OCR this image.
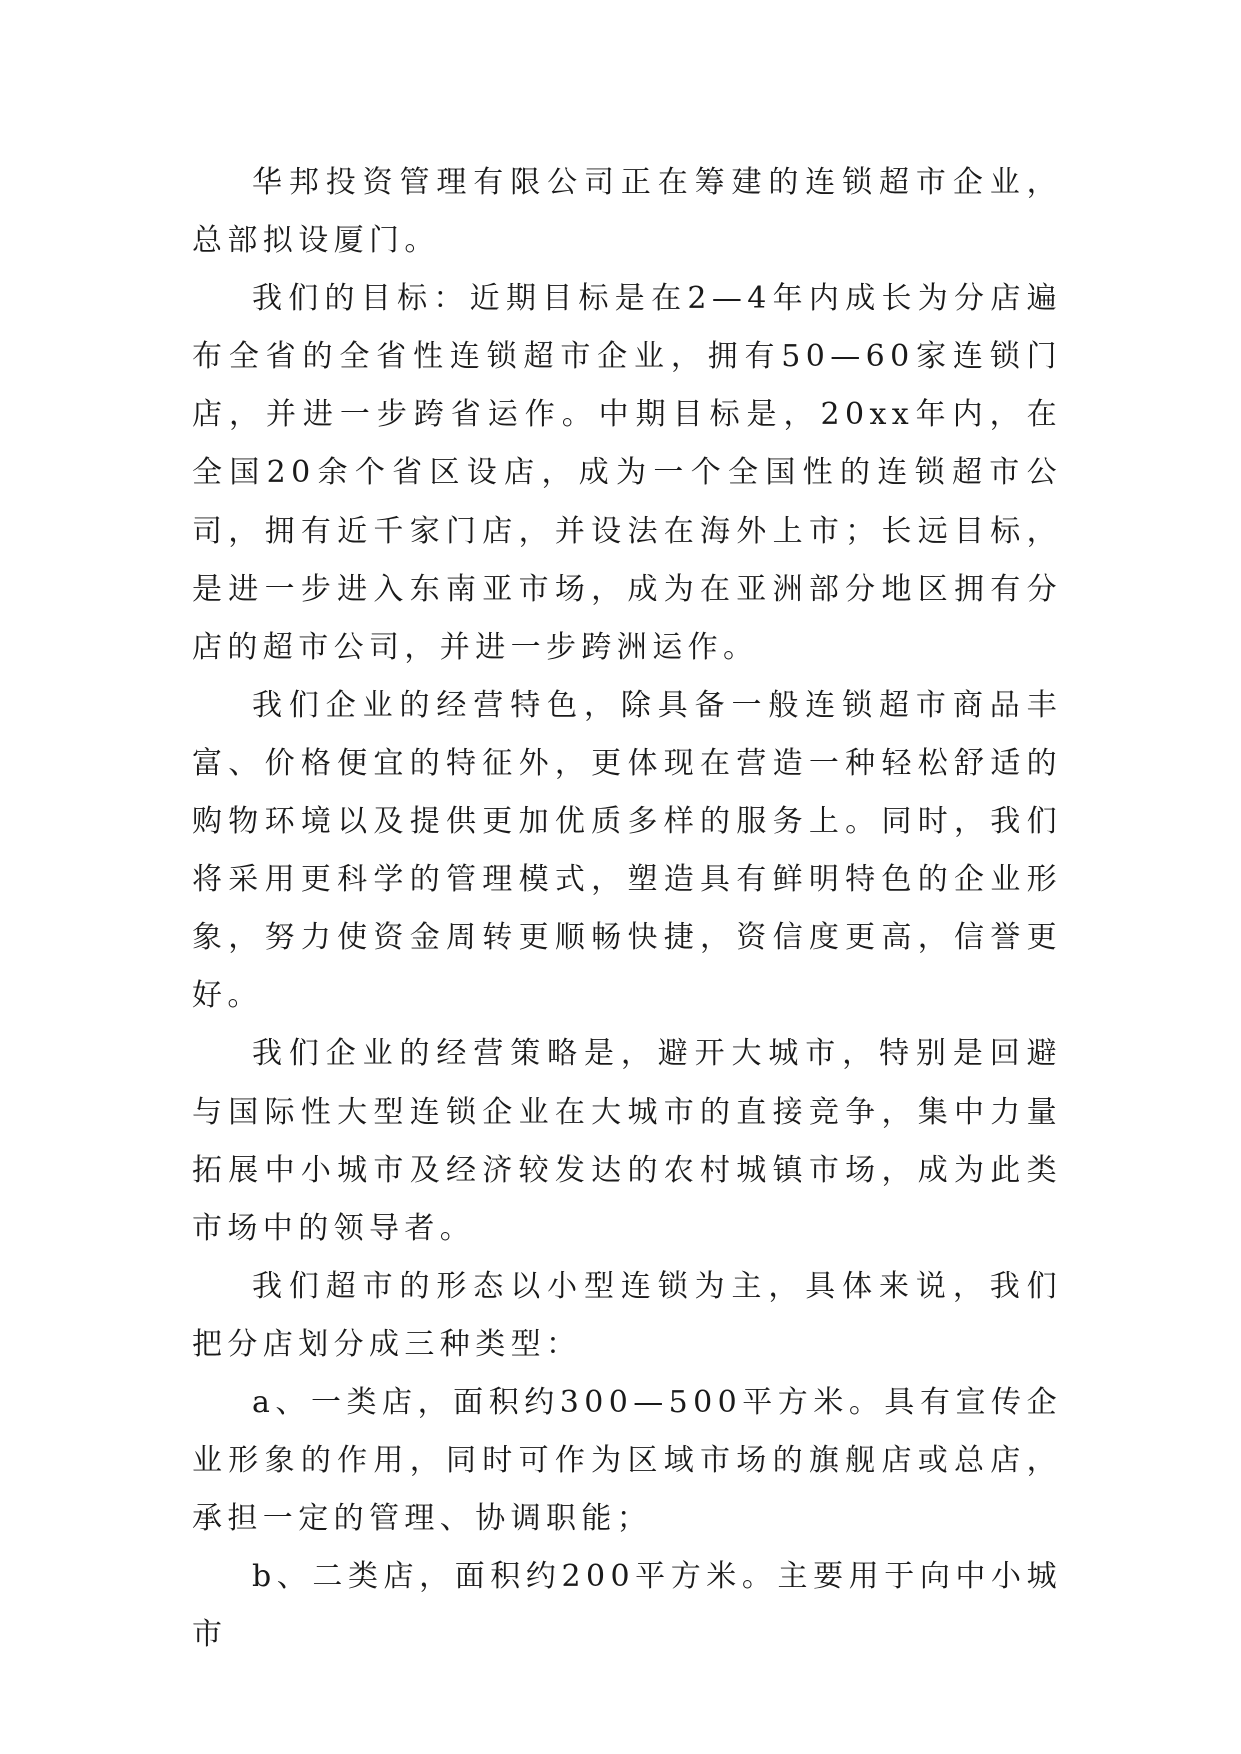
华邦投资管理有限公司正在筹建的连锁超市企业，总部拟设厦门。

我们的目标：近期目标是在2—4年内成长为分店遍布全省的全省性连锁超市企业，拥有50—60家连锁门店，并进一步跨省运作。中期目标是，20xx年内，在全国20余个省区设店，成为一个全国性的连锁超市公司，拥有近千家门店，并设法在海外上市；长远目标，是进一步进入东南亚市场，成为在亚洲部分地区拥有分店的超市公司，并进一步跨洲运作。

我们企业的经营特色，除具备一般连锁超市商品丰富、价格便宜的特征外，更体现在营造一种轻松舒适的购物环境以及提供更加优质多样的服务上。同时，我们将采用更科学的管理模式，塑造具有鲜明特色的企业形象，努力使资金周转更顺畅快捷，资信度更高，信誉更好。

我们企业的经营策略是，避开大城市，特别是回避与国际性大型连锁企业在大城市的直接竞争，集中力量拓展中小城市及经济较发达的农村城镇市场，成为此类市场中的领导者。

我们超市的形态以小型连锁为主，具体来说，我们把分店划分成三种类型：

a、一类店，面积约300—500平方米。具有宣传企业形象的作用，同时可作为区域市场的旗舰店或总店，承担一定的管理、协调职能；

b、二类店，面积约200平方米。主要用于向中小城市
